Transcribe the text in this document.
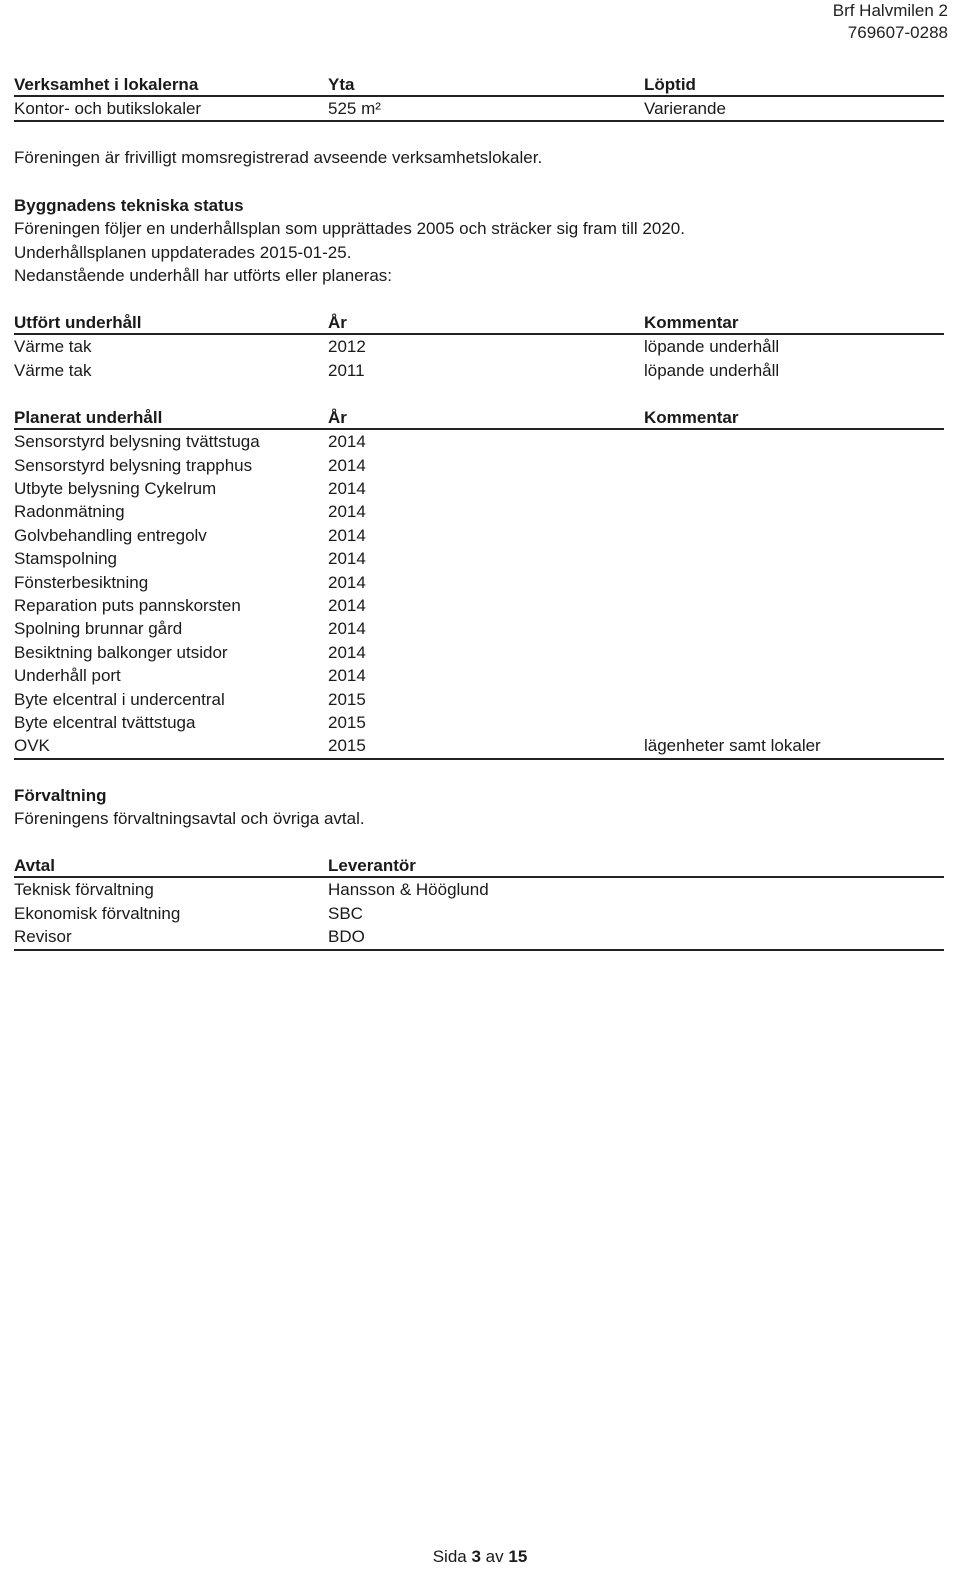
Brf Halvmilen 2
769607-0288
Verksamhet i lokalerna	Yta	Löptid
Kontor- och butikslokaler	525 m²	Varierande

Föreningen är frivilligt momsregistrerad avseende verksamhetslokaler.

Byggnadens tekniska status

Föreningen följer en underhållsplan som upprättades 2005 och sträcker sig fram till 2020.

Underhållsplanen uppdaterades 2015-01-25.

Nedanstående underhåll har utförts eller planeras:

Utfört underhåll	År	Kommentar
Värme tak	2012	löpande underhåll
Värme tak	2011	löpande underhåll
Planerat underhåll	År	Kommentar
Sensorstyrd belysning tvättstuga	2014
Sensorstyrd belysning trapphus	2014
Utbyte belysning Cykelrum	2014
Radonmätning	2014
Golvbehandling entregolv	2014
Stamspolning	2014
Fönsterbesiktning	2014
Reparation puts pannskorsten	2014
Spolning brunnar gård	2014
Besiktning balkonger utsidor	2014
Underhåll port	2014
Byte elcentral i undercentral	2015
Byte elcentral tvättstuga	2015
OVK	2015	lägenheter samt lokaler

Förvaltning

Föreningens förvaltningsavtal och övriga avtal.

Avtal	Leverantör
Teknisk förvaltning	Hansson & Hööglund
Ekonomisk förvaltning	SBC
Revisor	BDO
Sida 3 av 15
